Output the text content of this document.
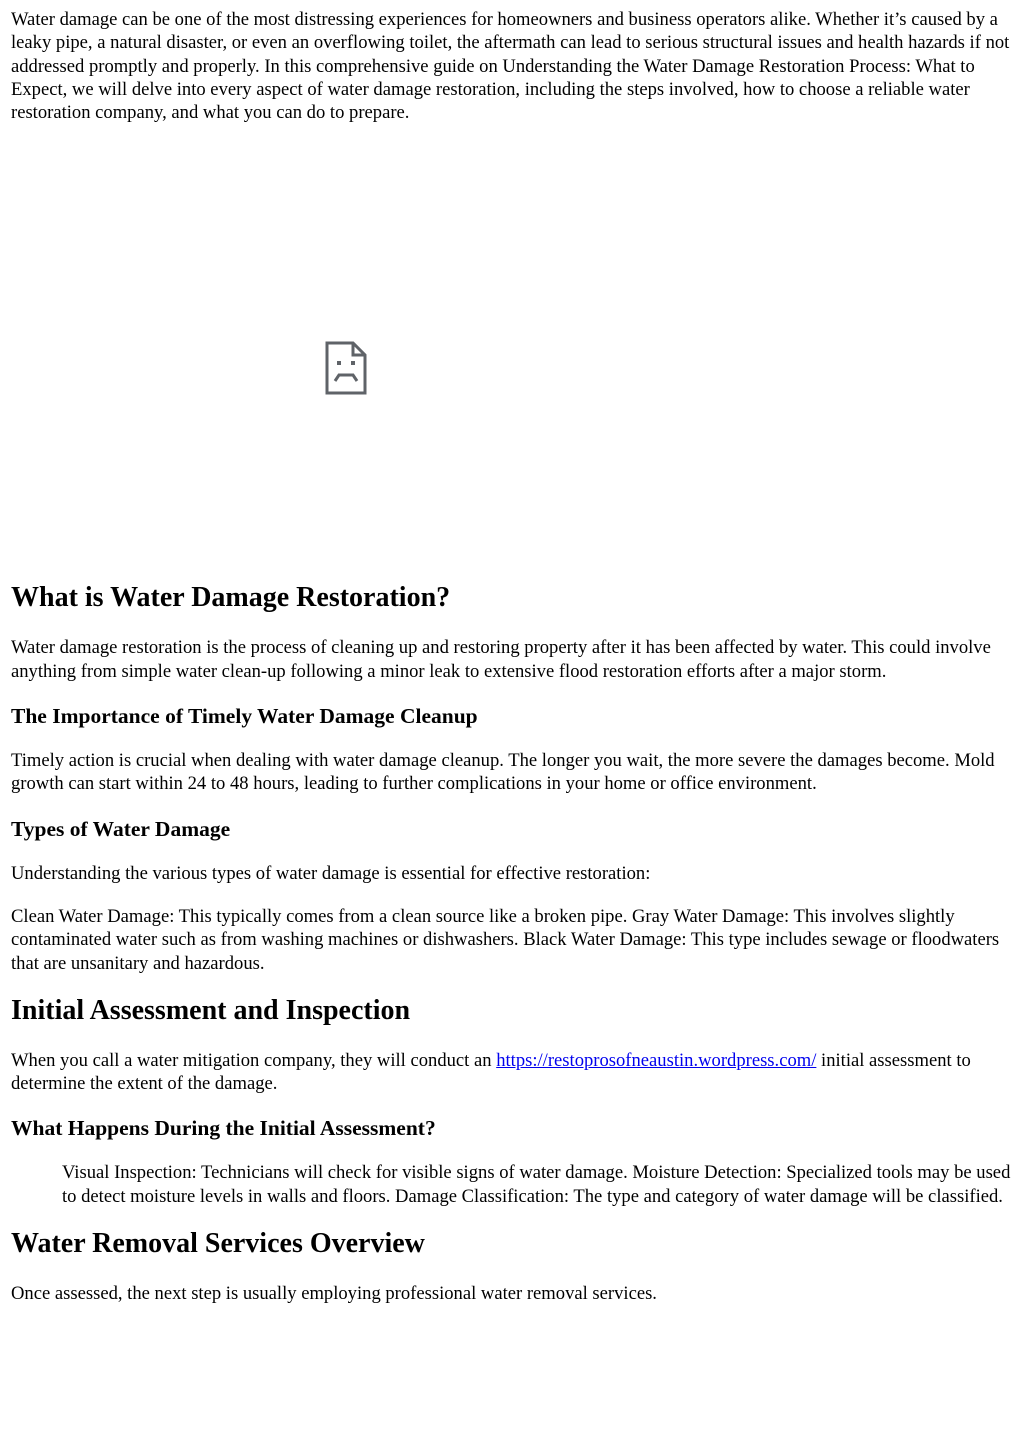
Water damage can be one of the most distressing experiences for homeowners and business operators alike. Whether it’s caused by a leaky pipe, a natural disaster, or even an overflowing toilet, the aftermath can lead to serious structural issues and health hazards if not addressed promptly and properly. In this comprehensive guide on Understanding the Water Damage Restoration Process: What to Expect, we will delve into every aspect of water damage restoration, including the steps involved, how to choose a reliable water restoration company, and what you can do to prepare.

What is Water Damage Restoration?

Water damage restoration is the process of cleaning up and restoring property after it has been affected by water. This could involve anything from simple water clean-up following a minor leak to extensive flood restoration efforts after a major storm.

The Importance of Timely Water Damage Cleanup

Timely action is crucial when dealing with water damage cleanup. The longer you wait, the more severe the damages become. Mold growth can start within 24 to 48 hours, leading to further complications in your home or office environment.

Types of Water Damage

Understanding the various types of water damage is essential for effective restoration:

Clean Water Damage: This typically comes from a clean source like a broken pipe. Gray Water Damage: This involves slightly contaminated water such as from washing machines or dishwashers. Black Water Damage: This type includes sewage or floodwaters that are unsanitary and hazardous.

Initial Assessment and Inspection

When you call a water mitigation company, they will conduct an https://restoprosofneaustin.wordpress.com/ initial assessment to determine the extent of the damage.

What Happens During the Initial Assessment?
Visual Inspection: Technicians will check for visible signs of water damage. Moisture Detection: Specialized tools may be used to detect moisture levels in walls and floors. Damage Classification: The type and category of water damage will be classified.
Water Removal Services Overview

Once assessed, the next step is usually employing professional water removal services.
